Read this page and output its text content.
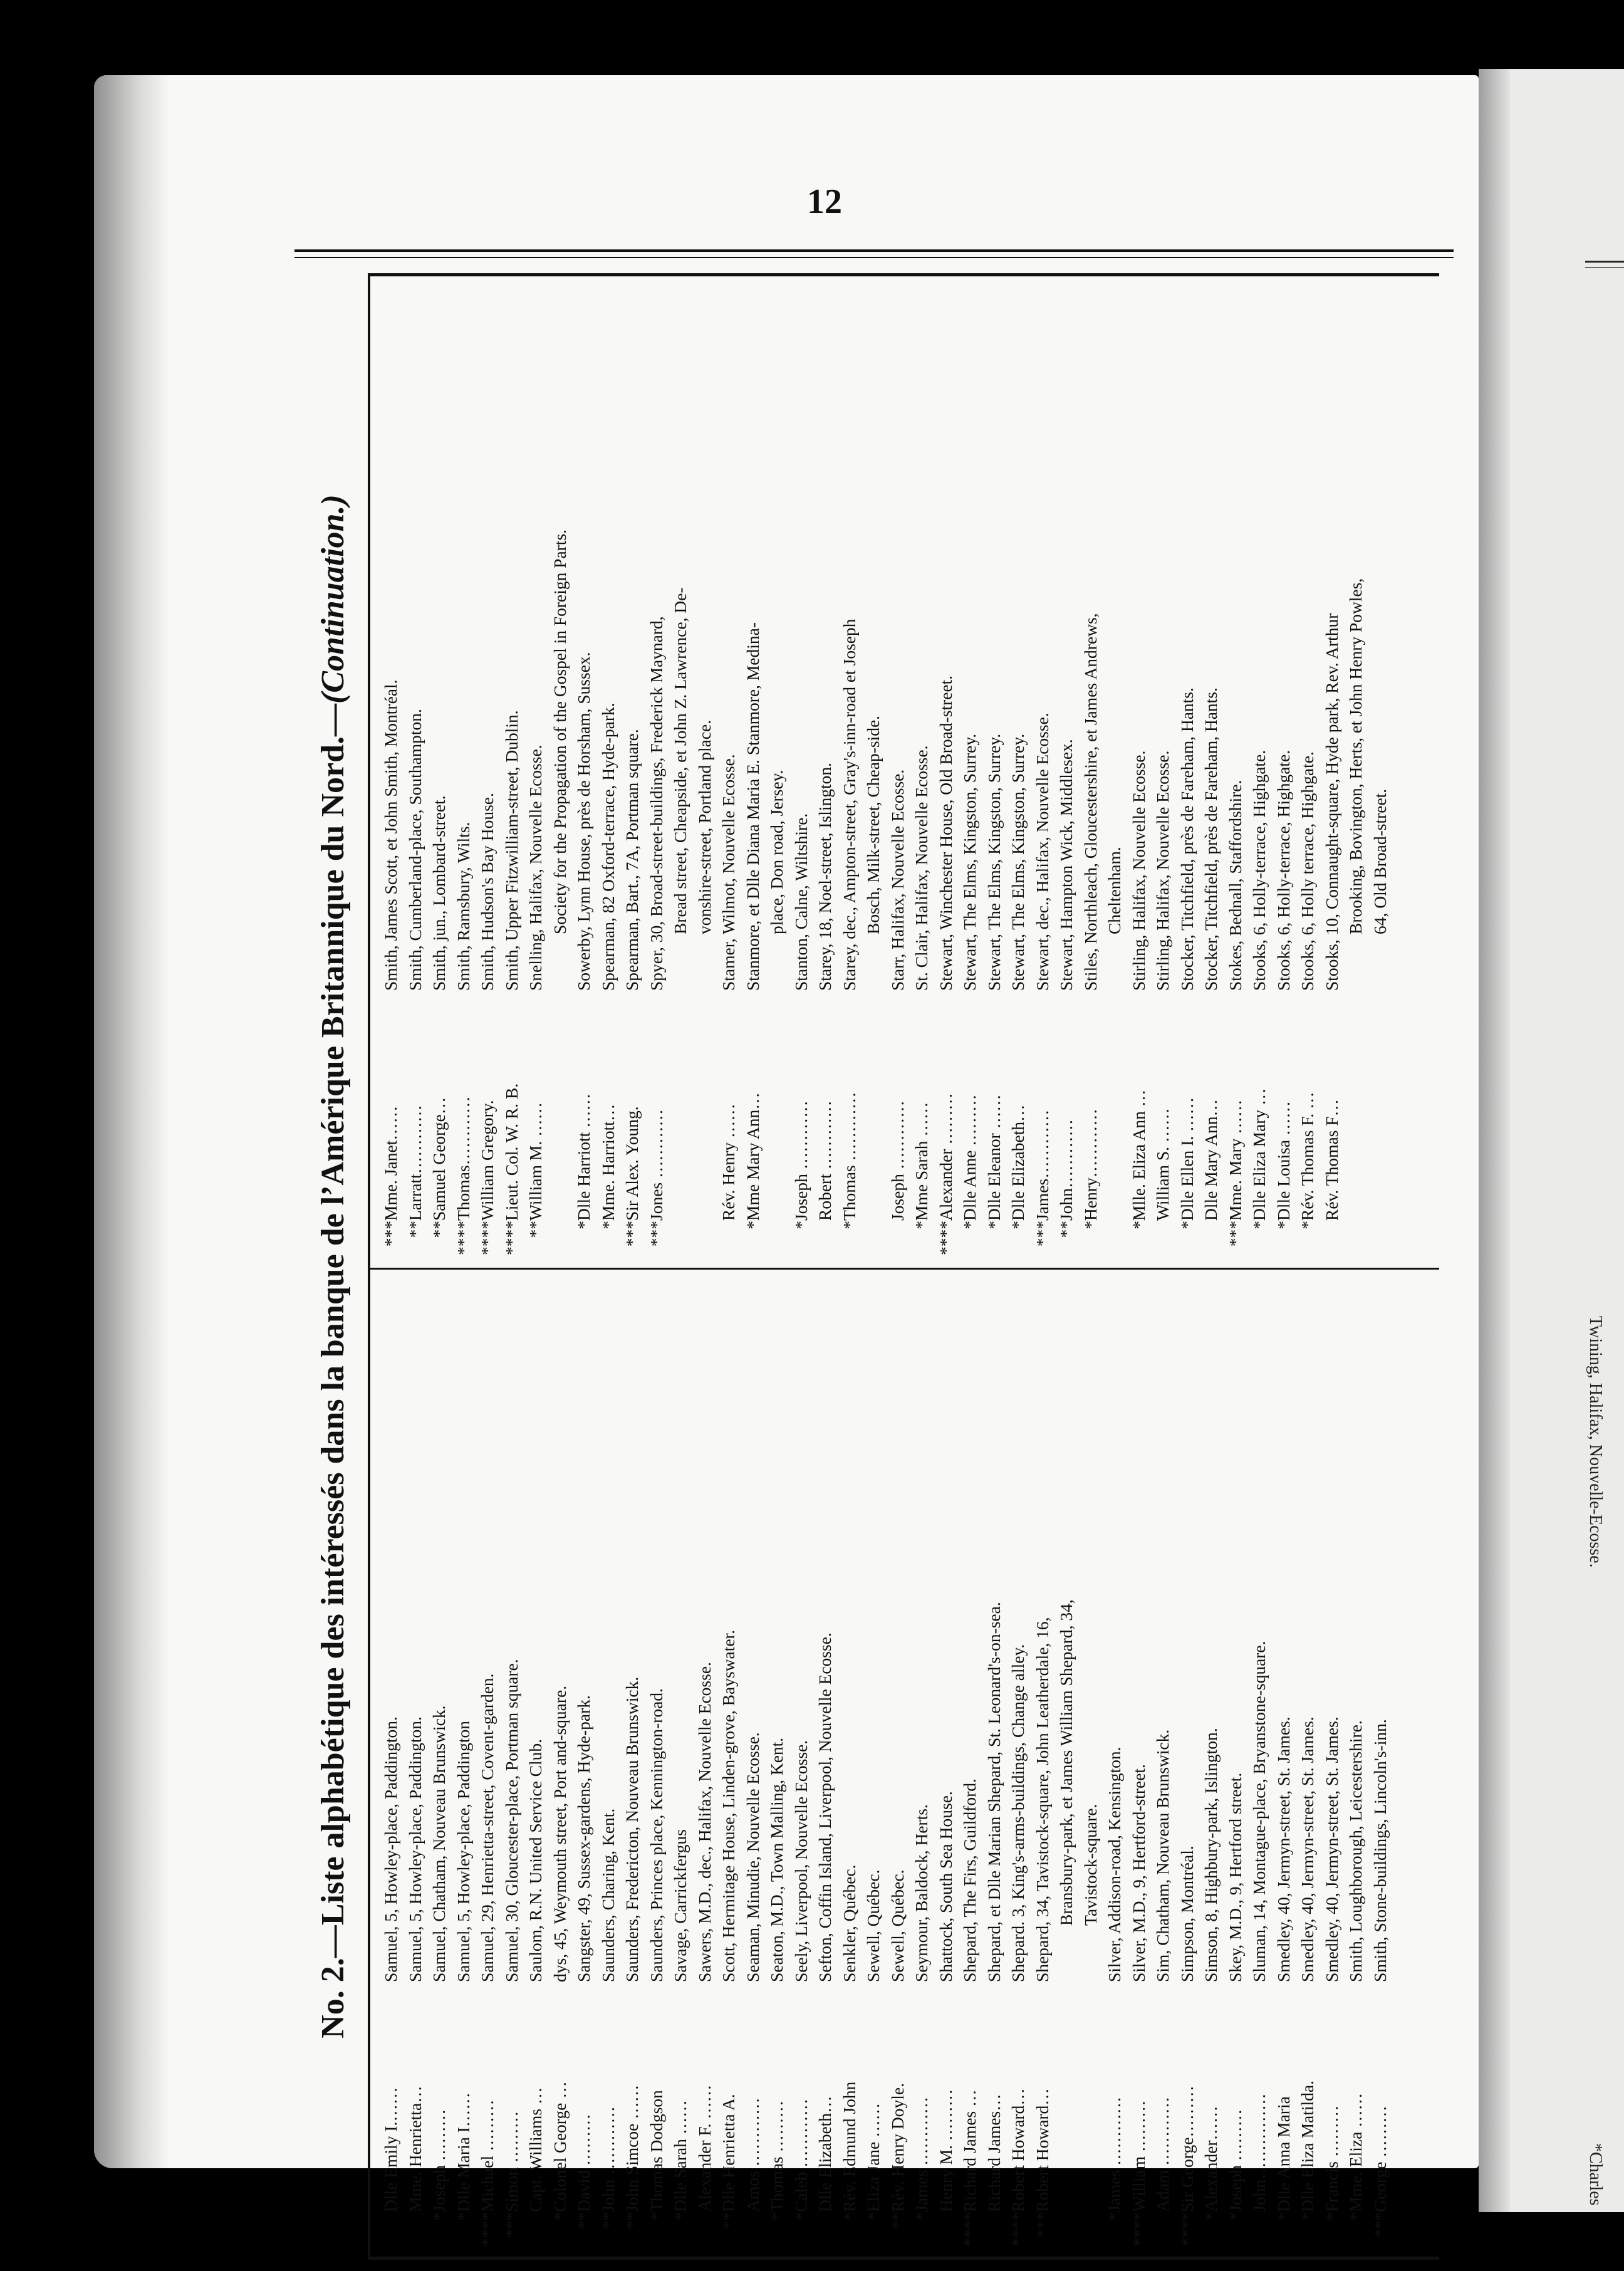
Twining, Halifax, Nouvelle-Ecosse.
*Charles
12
No. 2.—Liste alphabétique des intéressés dans la banque de l’Amérique Britannique du Nord.—(Continuation.)
Dlle Emily I.……
Samuel, 5, Howley-place, Paddington.
Mme. Henrietta…
Samuel, 5, Howley-place, Paddington.
*Joseph ………
Samuel, Chatham, Nouveau Brunswick.
*Dlle Maria I……
Samuel, 5, Howley-place, Paddington
****Michael ………
Samuel, 29, Henrietta-street, Covent-garden.
***Simon ………
Samuel, 30, Gloucester-place, Portman square.
Capt. Williams …
Saulom, R.N. United Service Club.
*Colonel George …
dys, 45, Weymouth street, Port and-square.
**David ………
Sangster, 49, Sussex-gardens, Hyde-park.
**John …………
Saunders, Charing, Kent.
**John Simcoe ……
Saunders, Fredericton, Nouveau Brunswick.
*Thomas Dodgson
Saunders, Princes place, Kennington-road.
*Dlle Sarah ……
Savage, Carrickfergus
Alexander F. ……
Sawers, M.D., dec., Halifax, Nouvelle Ecosse.
**Dlle Henrietta A.
Scott, Hermitage House, Linden-grove, Bayswater.
Amos …………
Seaman, Minudie, Nouvelle Ecosse.
*Thomas ………
Seaton, M.D., Town Malling, Kent.
*Caleb …………
Seely, Liverpool, Nouvelle Ecosse.
Dlle Elizabeth…
Sefton, Coffin Island, Liverpool, Nouvelle Ecosse.
*Rév. Edmund John
Senkler, Québec.
*Eliza Jane ……
Sewell, Québec.
**Rév. Henry Doyle.
Sewell, Québec.
*James …………
Seymour, Baldock, Herts.
Henry M. ………
Shattock, South Sea House.
****Richard James …
Shepard, The Firs, Guildford.
Richard James…
Shepard, et Dlle Marian Shepard, St. Leonard's-on-sea.
****Robert Howard…
Shepard. 3, King's-arms-buildings, Change alley.
***Robert Howard…
Shepard, 34, Tavistock-square, John Leatherdale, 16, Bransbury-park, et James William Shepard, 34, Tavistock-square.
*James …………
Silver, Addison-road, Kensington.
****William ………
Silver, M.D., 9, Hertford-street.
Adam …………
Sim, Chatham, Nouveau Brunswick.
****Sir George………
Simpson, Montréal.
*Alexander……
Simson, 8, Highbury-park, Islington.
*Joseph ………
Skey, M.D., 9, Hertford street.
John……………
Sluman, 14, Montague-place, Bryanstone-square.
*Dlle Anna Maria
Smedley, 40, Jermyn-street, St. James.
*Dlle Eliza Matilda.
Smedley, 40, Jermyn-street, St. James.
*Francis ………
Smedley, 40, Jermyn-street, St. James.
*Mme. Eliza ……
Smith, Loughborough, Leicestershire.
***George ………
Smith, Stone-buildings, Lincoln's-inn.
***Mme. Janet……
Smith, James Scott, et John Smith, Montréal.
**Larratt…………
Smith, Cumberland-place, Southampton.
**Samuel George…
Smith, jun., Lombard-street.
****Thomas…………
Smith, Ramsbury, Wilts.
****William Gregory.
Smith, Hudson's Bay House.
****Lieut. Col. W. R. B.
Smith, Upper Fitzwilliam-street, Dublin.
**William M. ……
Snelling, Halifax, Nouvelle Ecosse. Society for the Propagation of the Gospel in Foreign Parts.
*Dlle Harriott ……
Sowerby, Lynn House, près de Horsham, Sussex.
*Mme. Harriott…
Spearman, 82 Oxford-terrace, Hyde-park.
***Sir Alex. Young.
Spearman, Bart., 7A, Portman square.
***Jones …………
Spyer, 30, Broad-street-buildings, Frederick Maynard, Bread street, Cheapside, et John Z. Lawrence, De- vonshire-street, Portland place.
Rév. Henry ……
Stamer, Wilmot, Nouvelle Ecosse.
*Mme Mary Ann…
Stanmore, et Dlle Diana Maria E. Stanmore, Medina- place, Don road, Jersey.
*Joseph …………
Stanton, Calne, Wiltshire.
Robert …………
Starey, 18, Noel-street, Islington.
*Thomas …………
Starey, dec., Ampton-street, Gray's-inn-road et Joseph Bosch, Milk-street, Cheap-side.
Joseph …………
Starr, Halifax, Nouvelle Ecosse.
*Mme Sarah ……
St. Clair, Halifax, Nouvelle Ecosse.
****Alexander ………
Stewart, Winchester House, Old Broad-street.
*Dlle Anne ………
Stewart, The Elms, Kingston, Surrey.
*Dlle Eleanor ……
Stewart, The Elms, Kingston, Surrey.
*Dlle Elizabeth…
Stewart, The Elms, Kingston, Surrey.
***James…………
Stewart, dec., Halifax, Nouvelle Ecosse.
**John…………
Stewart, Hampton Wick, Middlesex.
*Henry…………
Stiles, Northleach, Gloucestershire, et James Andrews, Cheltenham.
*Mlle. Eliza Ann …
Stirling, Halifax, Nouvelle Ecosse.
William S. ……
Stirling, Halifax, Nouvelle Ecosse.
*Dlle Ellen I. ……
Stocker, Titchfield, près de Fareham, Hants.
Dlle Mary Ann…
Stocker, Titchfield, près de Fareham, Hants.
***Mme. Mary ……
Stokes, Bednall, Staffordshire.
*Dlle Eliza Mary …
Stooks, 6, Holly-terrace, Highgate.
*Dlle Louisa ……
Stooks, 6, Holly-terrace, Highgate.
*Rév. Thomas F. …
Stooks, 6, Holly terrace, Highgate.
Rév. Thomas F…
Stooks, 10, Connaught-square, Hyde park, Rev. Arthur Brooking, Bovington, Herts, et John Henry Powles, 64, Old Broad-street.
